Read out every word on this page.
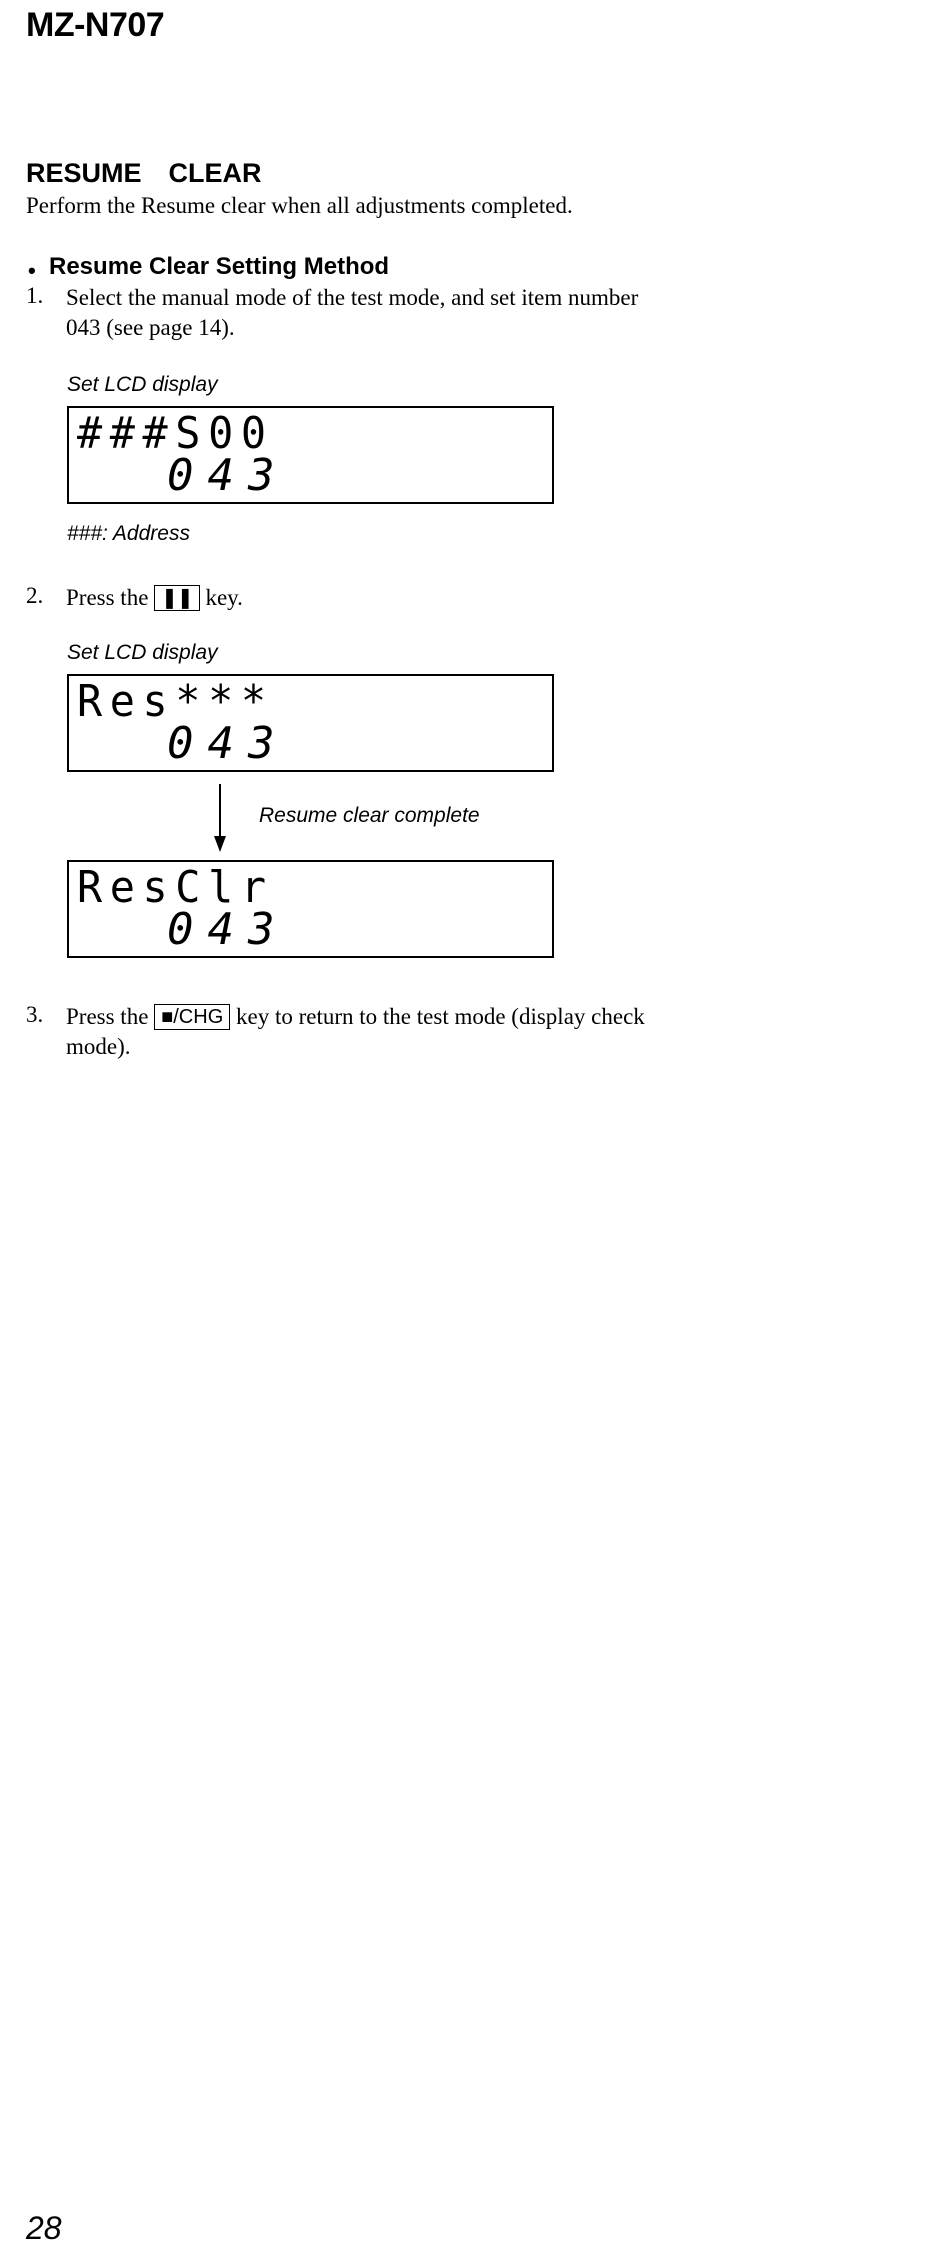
MZ-N707
RESUME  CLEAR
Perform the Resume clear when all adjustments completed.
• Resume Clear Setting Method
1. Select the manual mode of the test mode, and set item number
043 (see page 14).
Set LCD display
###S00
043
###: Address
2. Press the ❚❚ key.
Set LCD display
Res***
043
Resume clear complete
ResClr
043
3. Press the ■/CHG key to return to the test mode (display check
mode).
28
